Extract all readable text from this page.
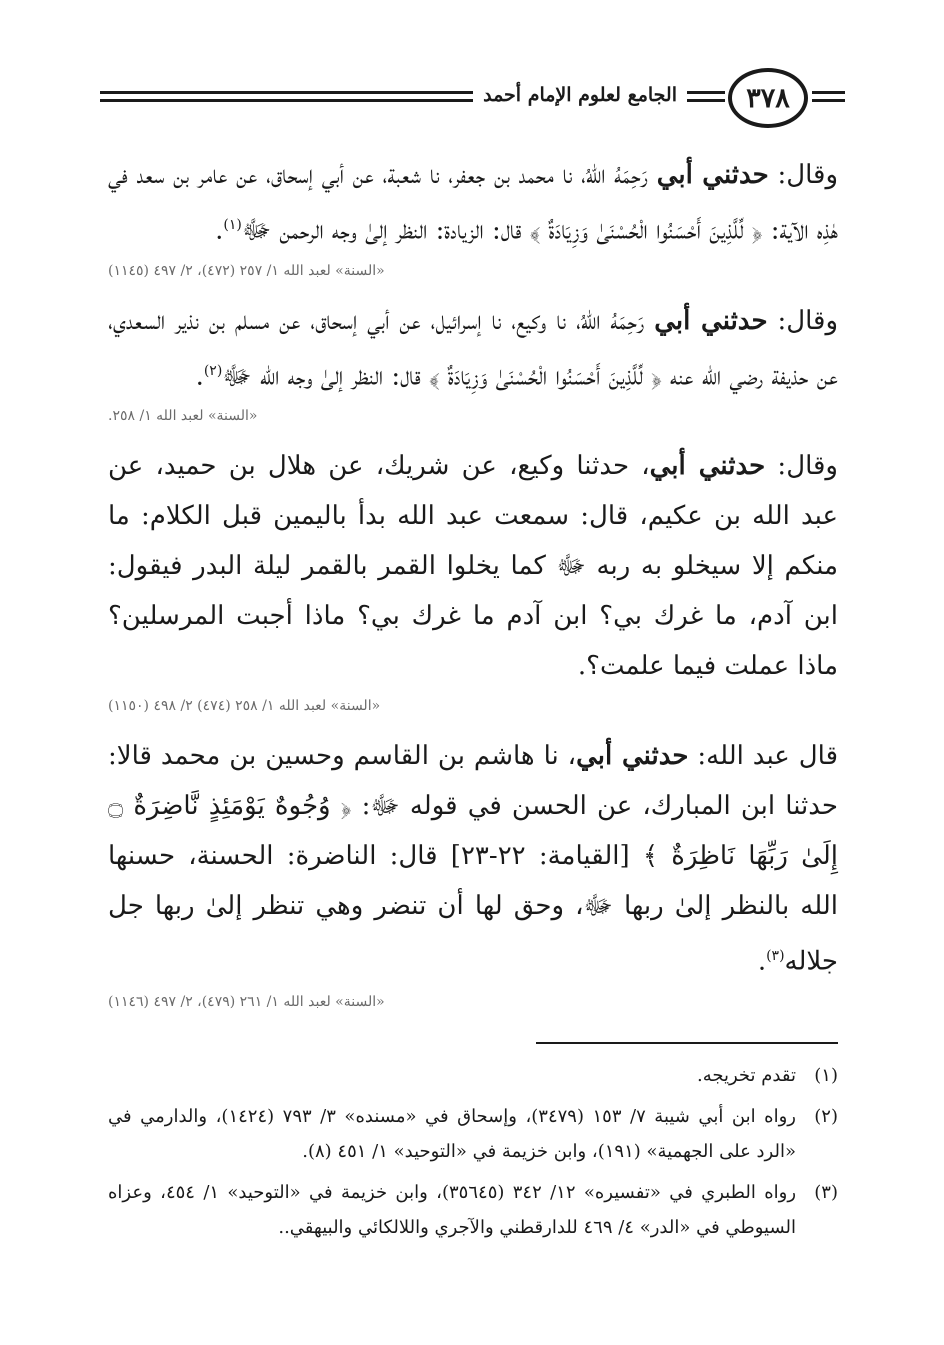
الجامع لعلوم الإمام أحمد	٣٧٨

وقال: حدثني أبي رَحِمَهُ اللهُ، نا محمد بن جعفر، نا شعبة، عن أبي إسحاق، عن عامر بن سعد في هٰذِه الآية: ﴿ لِّلَّذِينَ أَحْسَنُوا الْحُسْنَىٰ وَزِيَادَةٌ ﴾ قال: الزيادة: النظر إلىٰ وجه الرحمن ﷻ$^{(١)}$.

«السنة» لعبد الله ١/ ٢٥٧ (٤٧٢)، ٢/ ٤٩٧ (١١٤٥)

وقال: حدثني أبي رَحِمَهُ اللهُ، نا وكيع، نا إسرائيل، عن أبي إسحاق، عن مسلم بن نذير السعدي، عن حذيفة رضي الله عنه ﴿ لِّلَّذِينَ أَحْسَنُوا الْحُسْنَىٰ وَزِيَادَةٌ ﴾ قال: النظر إلىٰ وجه الله ﷻ$^{(٢)}$.

«السنة» لعبد الله ١/ ٢٥٨.

وقال: حدثني أبي، حدثنا وكيع، عن شريك، عن هلال بن حميد، عن عبد الله بن عكيم، قال: سمعت عبد الله بدأ باليمين قبل الكلام: ما منكم إلا سيخلو به ربه ﷻ كما يخلوا القمر بالقمر ليلة البدر فيقول: ابن آدم، ما غرك بي؟ ابن آدم ما غرك بي؟ ماذا أجبت المرسلين؟ ماذا عملت فيما علمت؟.

«السنة» لعبد الله ١/ ٢٥٨ (٤٧٤) ٢/ ٤٩٨ (١١٥٠)

قال عبد الله: حدثني أبي، نا هاشم بن القاسم وحسين بن محمد قالا: حدثنا ابن المبارك، عن الحسن في قوله ﷻ: ﴿ وُجُوهٌ يَوْمَئِذٍ نَّاضِرَةٌ ۝ إِلَىٰ رَبِّهَا نَاظِرَةٌ ﴾ [القيامة: ٢٢-٢٣] قال: الناضرة: الحسنة، حسنها الله بالنظر إلىٰ ربها ﷻ، وحق لها أن تنضر وهي تنظر إلىٰ ربها جل جلاله$^{(٣)}$.

«السنة» لعبد الله ١/ ٢٦١ (٤٧٩)، ٢/ ٤٩٧ (١١٤٦)
(١)
تقدم تخريجه.
(٢)
رواه ابن أبي شيبة ٧/ ١٥٣ (٣٤٧٩)، وإسحاق في «مسنده» ٣/ ٧٩٣ (١٤٢٤)، والدارمي في «الرد على الجهمية» (١٩١)، وابن خزيمة في «التوحيد» ١/ ٤٥١ (٨).
(٣)
رواه الطبري في «تفسيره» ١٢/ ٣٤٢ (٣٥٦٤٥)، وابن خزيمة في «التوحيد» ١/ ٤٥٤، وعزاه السيوطي في «الدر» ٤/ ٤٦٩ للدارقطني والآجري واللالكائي والبيهقي..
